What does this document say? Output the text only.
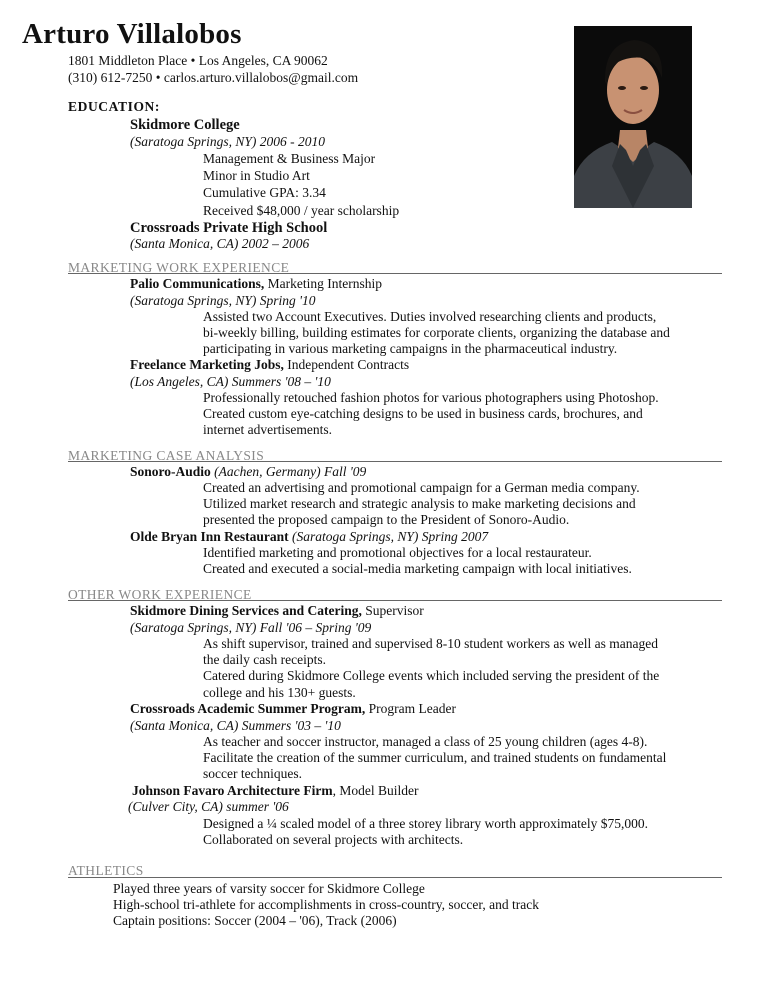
Arturo Villalobos
1801 Middleton Place • Los Angeles, CA 90062
(310) 612-7250 • carlos.arturo.villalobos@gmail.com
EDUCATION:
Skidmore College
(Saratoga Springs, NY) 2006 - 2010
Management & Business Major
Minor in Studio Art
Cumulative GPA: 3.34
Received $48,000 / year scholarship
Crossroads Private High School
(Santa Monica, CA) 2002 – 2006
MARKETING WORK EXPERIENCE
Palio Communications, Marketing Internship
(Saratoga Springs, NY) Spring '10
Assisted two Account Executives. Duties involved researching clients and products,
bi-weekly billing, building estimates for corporate clients, organizing the database and
participating in various marketing campaigns in the pharmaceutical industry.
Freelance Marketing Jobs, Independent Contracts
(Los Angeles, CA) Summers '08 – '10
Professionally retouched fashion photos for various photographers using Photoshop.
Created custom eye-catching designs to be used in business cards, brochures, and
internet advertisements.
MARKETING CASE ANALYSIS
Sonoro-Audio (Aachen, Germany) Fall '09
Created an advertising and promotional campaign for a German media company.
Utilized market research and strategic analysis to make marketing decisions and
presented the proposed campaign to the President of Sonoro-Audio.
Olde Bryan Inn Restaurant (Saratoga Springs, NY) Spring 2007
Identified marketing and promotional objectives for a local restaurateur.
Created and executed a social-media marketing campaign with local initiatives.
OTHER WORK EXPERIENCE
Skidmore Dining Services and Catering, Supervisor
(Saratoga Springs, NY) Fall '06 – Spring '09
As shift supervisor, trained and supervised 8-10 student workers as well as managed
the daily cash receipts.
Catered during Skidmore College events which included serving the president of the
college and his 130+ guests.
Crossroads Academic Summer Program, Program Leader
(Santa Monica, CA) Summers '03 – '10
As teacher and soccer instructor, managed a class of 25 young children (ages 4-8).
Facilitate the creation of the summer curriculum, and trained students on fundamental
soccer techniques.
Johnson Favaro Architecture Firm, Model Builder
(Culver City, CA) summer '06
Designed a ¼ scaled model of a three storey library worth approximately $75,000.
Collaborated on several projects with architects.
ATHLETICS
Played three years of varsity soccer for Skidmore College
High-school tri-athlete for accomplishments in cross-country, soccer, and track
Captain positions: Soccer (2004 – '06), Track (2006)
